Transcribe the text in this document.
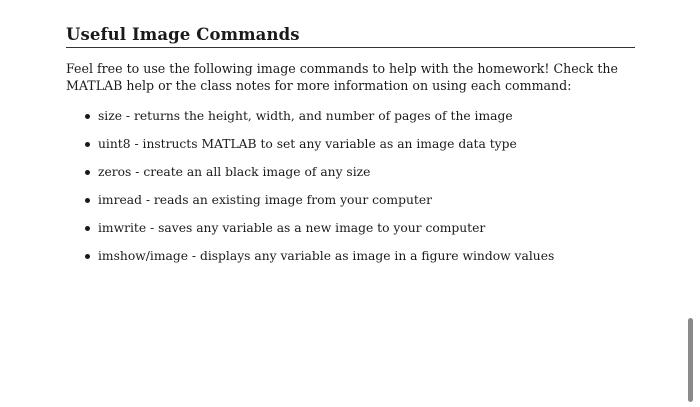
Useful Image Commands

Feel free to use the following image commands to help with the homework! Check the MATLAB help or the class notes for more information on using each command:

size - returns the height, width, and number of pages of the image
uint8 - instructs MATLAB to set any variable as an image data type
zeros - create an all black image of any size
imread - reads an existing image from your computer
imwrite - saves any variable as a new image to your computer
imshow/image - displays any variable as image in a figure window values
